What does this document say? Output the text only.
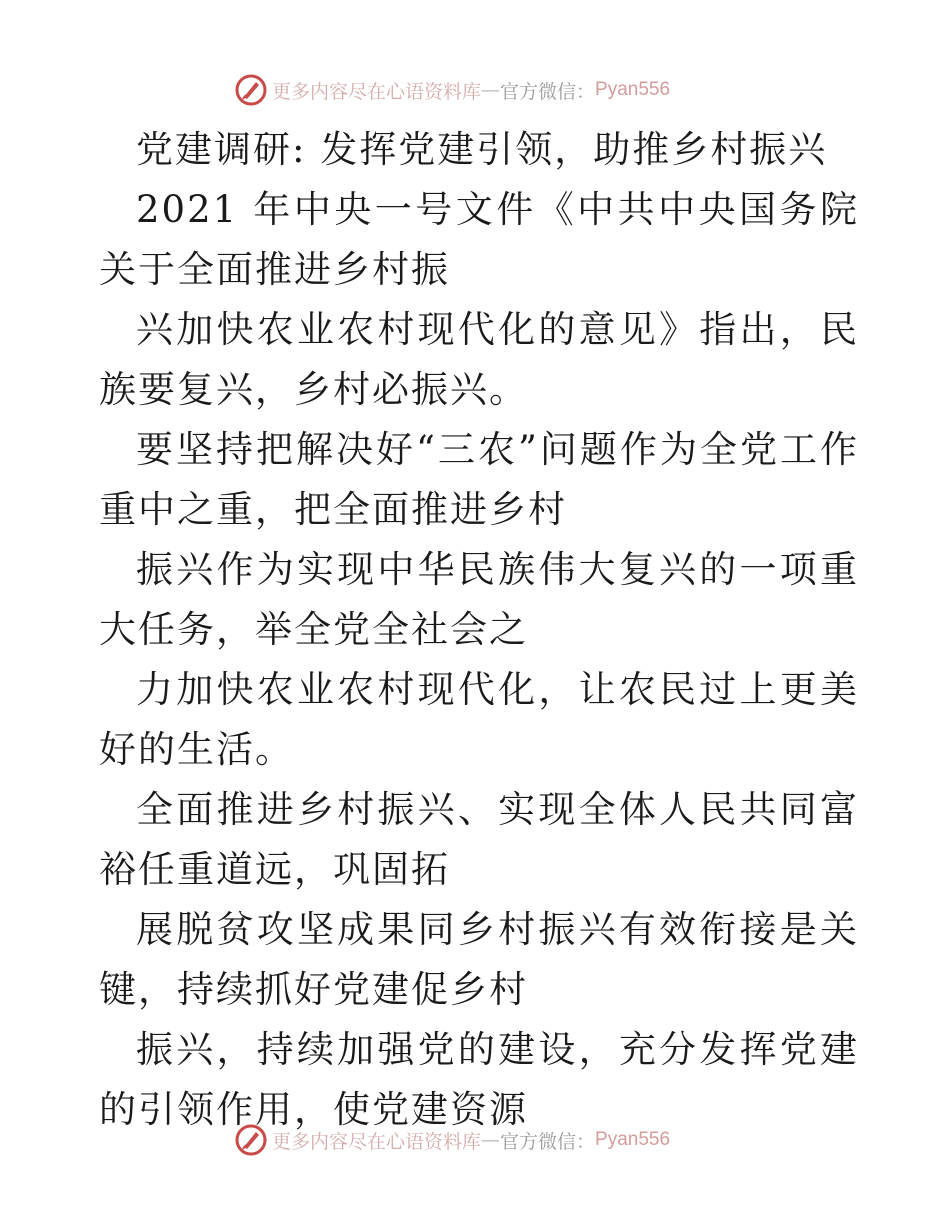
更多内容尽在心语资料库 — 官方微信： Pyan556

党建调研: 发挥党建引领，助推乡村振兴

2021 年中央一号文件《中共中央国务院关于全面推进乡村振

兴加快农业农村现代化的意见》指出，民族要复兴，乡村必振兴。

要坚持把解决好“三农”问题作为全党工作重中之重，把全面推进乡村

振兴作为实现中华民族伟大复兴的一项重大任务，举全党全社会之

力加快农业农村现代化，让农民过上更美好的生活。

全面推进乡村振兴、实现全体人民共同富裕任重道远，巩固拓

展脱贫攻坚成果同乡村振兴有效衔接是关键，持续抓好党建促乡村

振兴，持续加强党的建设，充分发挥党建的引领作用，使党建资源

更多内容尽在心语资料库 — 官方微信： Pyan556
